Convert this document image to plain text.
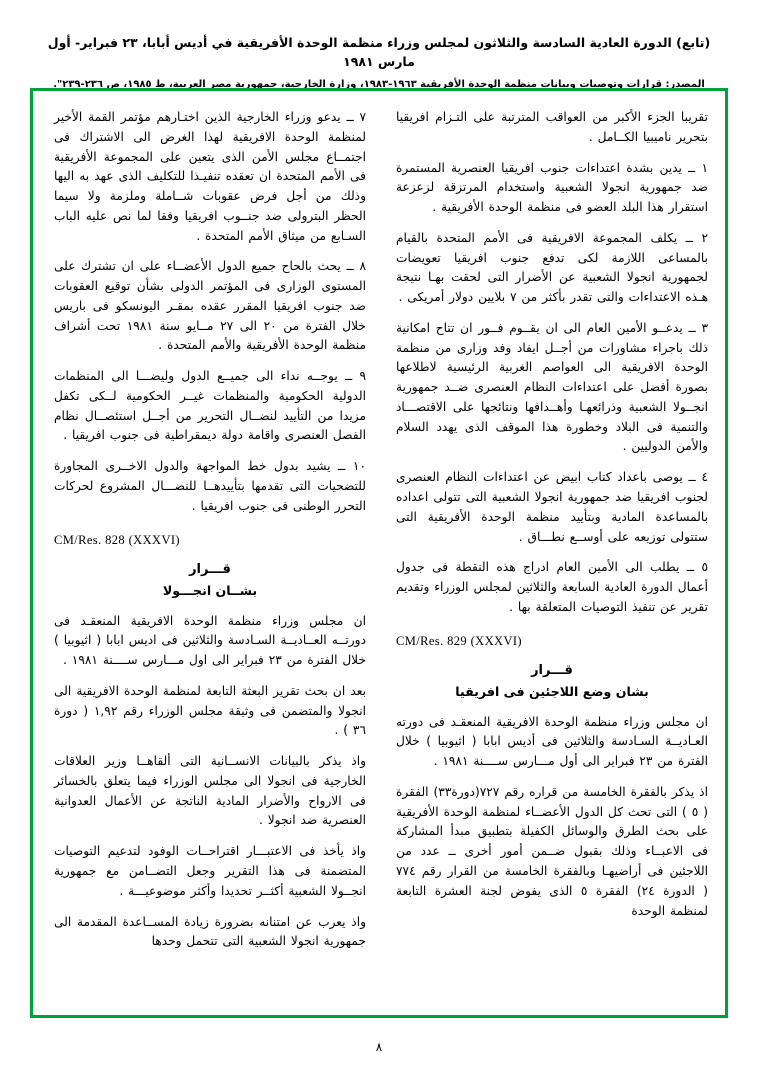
(تابع) الدورة العادية السادسة والثلاثون لمجلس وزراء منظمة الوحدة الأفريقية في أديس أبابا، ٢٣ فبراير- أول مارس ١٩٨١
المصدر: قرارات وتوصيات وبيانات منظمة الوحدة الأفريقية ١٩٦٣-١٩٨٣، وزارة الخارجية، جمهورية مصر العربية، ط ١٩٨٥، ص ٢٣٦-٢٣٩".

تقريبا الجزء الأكبر من العواقب المترتبة على التـزام افريقيا بتحرير ناميبيا الكــامل .

١ ــ يدين بشدة اعتداءات جنوب افريقيا العنصرية المستمرة ضد جمهورية انجولا الشعبية واستخدام المرتزقة لزعزعة استقرار هذا البلد العضو فى منظمة الوحدة الأفريقية .

٢ ــ يكلف المجموعة الافريقية فى الأمم المتحدة بالقيام بالمساعى اللازمة لكى تدفع جنوب افريقيا تعويضات لجمهورية انجولا الشعبية عن الأضرار التى لحقت بهـا نتيجة هـذه الاعتداءات والتى تقدر بأكثر من ٧ بلايين دولار أمريكى .

٣ ــ يدعــو الأمين العام الى ان يقــوم فــور ان تتاح امكانية ذلك باجراء مشاورات من أجــل ايفاد وفد وزارى من منظمة الوحدة الافريقية الى العواصم الغربية الرئيسية لاطلاعها بصورة أفضل على اعتداءات النظام العنصرى ضــد جمهورية انجــولا الشعبية وذرائعهـا وأهــدافها ونتائجها على الاقتصـــاد والتنمية فى البلاد وخطورة هذا الموقف الذى يهدد السلام والأمن الدوليين .

٤ ــ يوصى باعداد كتاب ابيض عن اعتداءات النظام العنصرى لجنوب افريقيا ضد جمهورية انجولا الشعبية التى تتولى اعداده بالمساعدة المادية وبتأييد منظمة الوحدة الأفريقية التى ستتولى توزيعه على أوســع نطـــاق .

٥ ــ يطلب الى الأمين العام ادراج هذه النقطة فى جدول أعمال الدورة العادية السابعة والثلاثين لمجلس الوزراء وتقديم تقرير عن تنفيذ التوصيات المتعلقة بها .

CM/Res. 829 (XXXVI)
قـــرار
بشان وضع اللاجئين فى افريقيا

ان مجلس وزراء منظمة الوحدة الافريقية المنعقـد فى دورته العـاديــة السـادسة والثلاثين فى أديس ابابا ( اثيوبيا ) خلال الفترة من ٢٣ فبراير الى أول مـــارس ســــنة ١٩٨١ .

اذ يذكر بالفقرة الخامسة من قراره رقم ٧٢٧(دورة٣٣) الفقرة ( ٥ ) التى تحث كل الدول الأعضــاء لمنظمة الوحدة الأفريقية على بحث الطرق والوسائل الكفيلة بتطبيق مبدأ المشاركة فى الاعبــاء وذلك بقبول ضــمن أمور أخرى ــ عدد من اللاجئين فى أراضيهـا وبالفقرة الخامسة من القرار رقم ٧٧٤ ( الدورة ٢٤) الفقرة ٥ الذى يفوض لجنة العشرة التابعة لمنظمة الوحدة

٧ ــ يدعو وزراء الخارجية الذين اختـارهم مؤتمر القمة الأخير لمنظمة الوحدة الافريقية لهذا الغرض الى الاشتراك فى اجتمــاع مجلس الأمن الذى يتعين على المجموعة الأفريقية فى الأمم المتحدة ان تعقده تنفيـذا للتكليف الذى عهد به اليها وذلك من أجل فرض عقوبات شــاملة وملزمة ولا سيما الحظر البترولى ضد جنــوب افريقيا وفقا لما نص عليه الباب السـابع من ميثاق الأمم المتحدة .

٨ ــ يحث بالحاح جميع الدول الأعضــاء على ان تشترك على المستوى الوزارى فى المؤتمر الدولى بشأن توقيع العقوبات ضد جنوب افريقيا المقرر عقده بمقـر اليونسكو فى باريس خلال الفترة من ٢٠ الى ٢٧ مــايو سنة ١٩٨١ تحت أشراف منظمة الوحدة الأفريقية والأمم المتحدة .

٩ ــ يوجــه نداء الى جميــع الدول وليضـــا الى المنظمات الدولية الحكومية والمنظمات غيــر الحكومية لــكى تكفل مزيدا من التأييد لنضــال التحرير من أجــل استئصــال نظام الفصل العنصرى واقامة دولة ديمقراطية فى جنوب افريقيا .

١٠ ــ يشيد بدول خط المواجهة والدول الاخــرى المجاورة للتضحيات التى تقدمها بتأييدهــا للنضـــال المشروع لحركات التحرر الوطنى فى جنوب افريقيا .

CM/Res. 828 (XXXVI)
قـــرار
بشــان انجـــولا

ان مجلس وزراء منظمة الوحدة الافريقية المنعقـد فى دورتــه العــاديــة السـادسة والثلاثين فى اديس ابابا ( اثيوبيا ) خلال الفترة من ٢٣ فبراير الى اول مـــارس ســــنة ١٩٨١ .

بعد ان بحث تقرير البعثة التابعة لمنظمة الوحدة الافريقية الى انجولا والمتضمن فى وثيقة مجلس الوزراء رقم ١,٩٢ ( دورة ٣٦ ) .

واذ يذكر بالبيانات الانســانية التى ألقاهــا وزير العلاقات الخارجية فى انجولا الى مجلس الوزراء فيما يتعلق بالخسائر فى الارواح والأضرار المادية الناتجة عن الأعمال العدوانية العنصرية ضد انجولا .

واذ يأخذ فى الاعتبـــار اقتراحــات الوفود لتدعيم التوصيات المتضمنة فى هذا التقرير وجعل التضــامن مع جمهورية انجــولا الشعبية أكثــر تحديدا وأكثر موضوعيـــة .

واذ يعرب عن امتنانه بضرورة زيادة المســاعدة المقدمة الى جمهورية انجولا الشعبية التى تتحمل وحدها

٨
